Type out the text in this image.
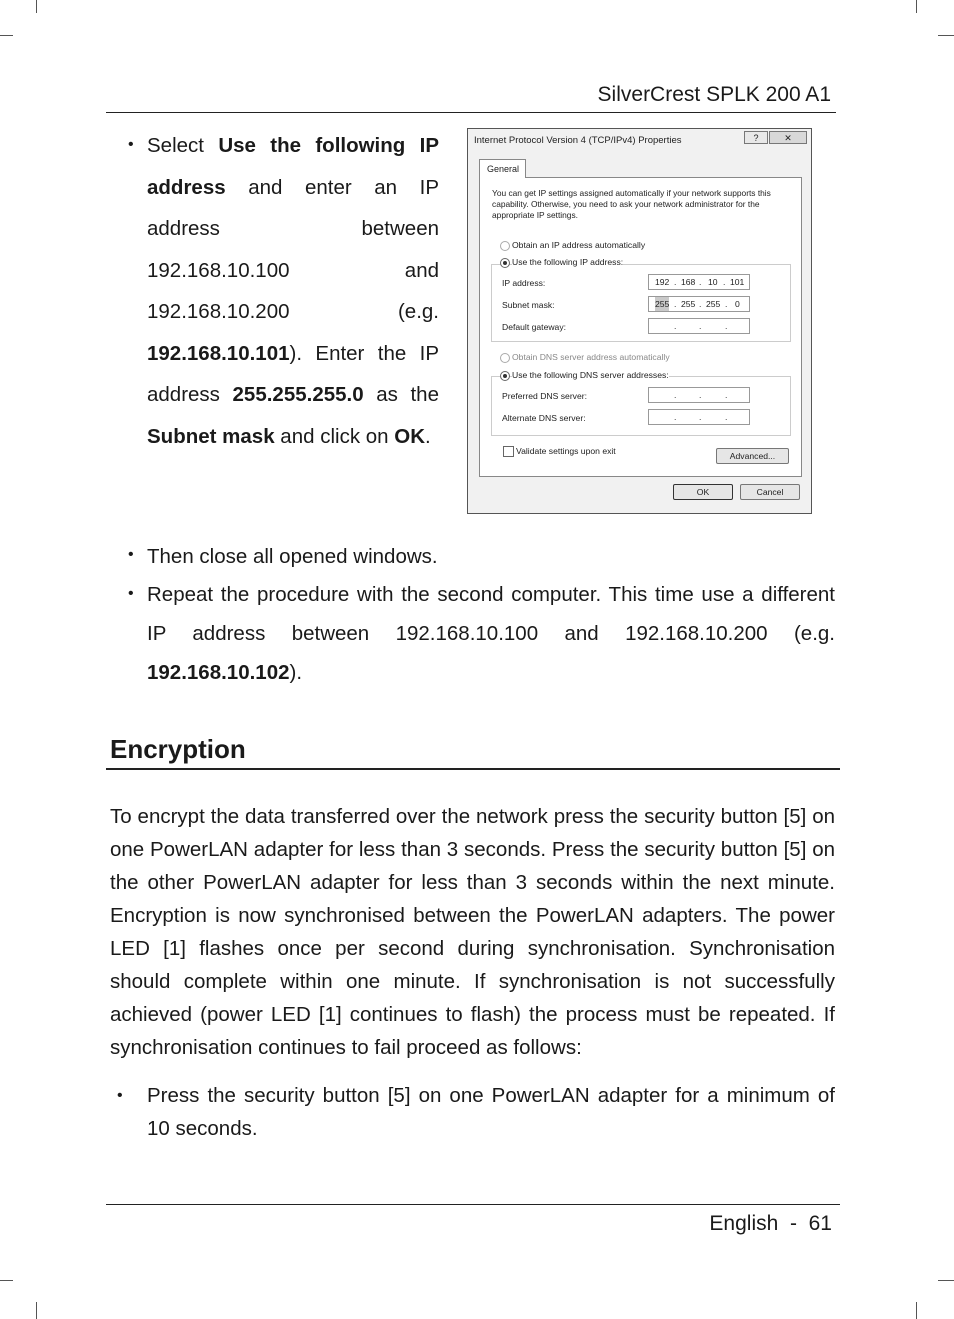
SilverCrest SPLK 200 A1
• Select Use the following IP address and enter an IP address between 192.168.10.100 and 192.168.10.200 (e.g. 192.168.10.101). Enter the IP address 255.255.255.0 as the Subnet mask and click on OK.
Internet Protocol Version 4 (TCP/IPv4) Properties	?	✕
General
You can get IP settings assigned automatically if your network supports this capability. Otherwise, you need to ask your network administrator for the appropriate IP settings.
Obtain an IP address automatically
Use the following IP address:
IP address:	192 . 168 . 10 . 101
Subnet mask:	255 . 255 . 255 . 0
Default gateway:	.	.	.
Obtain DNS server address automatically
Use the following DNS server addresses:
Preferred DNS server:	.	.	.
Alternate DNS server:	.	.	.
Validate settings upon exit	Advanced...
OK	Cancel
• Then close all opened windows.
• Repeat the procedure with the second computer. This time use a different IP address between 192.168.10.100 and 192.168.10.200 (e.g. 192.168.10.102).
Encryption
To encrypt the data transferred over the network press the security button [5] on one PowerLAN adapter for less than 3 seconds. Press the security button [5] on the other PowerLAN adapter for less than 3 seconds within the next minute. Encryption is now synchronised between the PowerLAN adapters. The power LED [1] flashes once per second during synchronisation. Synchronisation should complete within one minute. If synchronisation is not successfully achieved (power LED [1] continues to flash) the process must be repeated. If synchronisation continues to fail proceed as follows:
• Press the security button [5] on one PowerLAN adapter for a minimum of 10 seconds.
English  -  61
